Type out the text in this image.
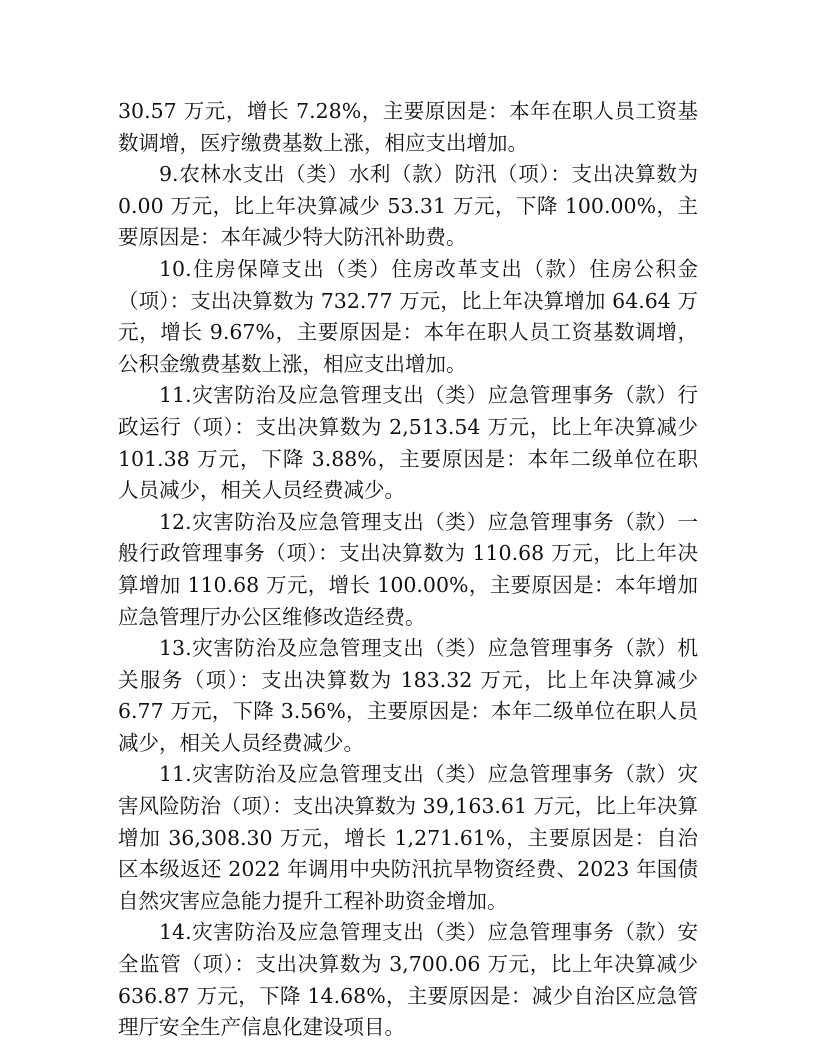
30.57 万元，增长 7.28%，主要原因是：本年在职人员工资基数调增，医疗缴费基数上涨，相应支出增加。

9.农林水支出（类）水利（款）防汛（项）：支出决算数为 0.00 万元，比上年决算减少 53.31 万元，下降 100.00%，主要原因是：本年减少特大防汛补助费。

10.住房保障支出（类）住房改革支出（款）住房公积金（项）：支出决算数为 732.77 万元，比上年决算增加 64.64 万元，增长 9.67%，主要原因是：本年在职人员工资基数调增，公积金缴费基数上涨，相应支出增加。

11.灾害防治及应急管理支出（类）应急管理事务（款）行政运行（项）：支出决算数为 2,513.54 万元，比上年决算减少 101.38 万元，下降 3.88%，主要原因是：本年二级单位在职人员减少，相关人员经费减少。

12.灾害防治及应急管理支出（类）应急管理事务（款）一般行政管理事务（项）：支出决算数为 110.68 万元，比上年决算增加 110.68 万元，增长 100.00%，主要原因是：本年增加应急管理厅办公区维修改造经费。

13.灾害防治及应急管理支出（类）应急管理事务（款）机关服务（项）：支出决算数为 183.32 万元，比上年决算减少 6.77 万元，下降 3.56%，主要原因是：本年二级单位在职人员减少，相关人员经费减少。

11.灾害防治及应急管理支出（类）应急管理事务（款）灾害风险防治（项）：支出决算数为 39,163.61 万元，比上年决算增加 36,308.30 万元，增长 1,271.61%，主要原因是：自治区本级返还 2022 年调用中央防汛抗旱物资经费、2023 年国债自然灾害应急能力提升工程补助资金增加。

14.灾害防治及应急管理支出（类）应急管理事务（款）安全监管（项）：支出决算数为 3,700.06 万元，比上年决算减少 636.87 万元，下降 14.68%，主要原因是：减少自治区应急管理厅安全生产信息化建设项目。
